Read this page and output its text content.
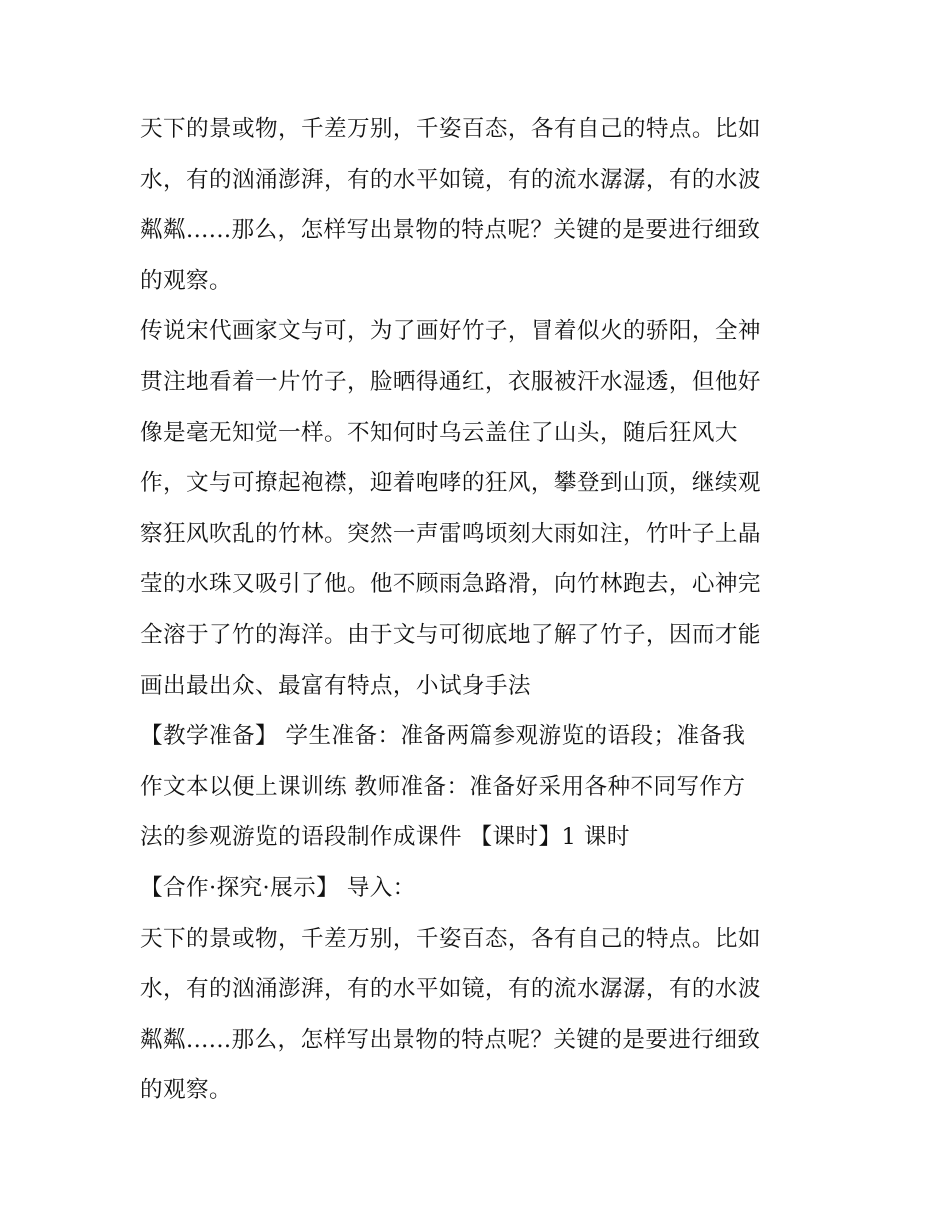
天下的景或物，千差万别，千姿百态，各有自己的特点。比如
水，有的汹涌澎湃，有的水平如镜，有的流水潺潺，有的水波
粼粼......那么，怎样写出景物的特点呢？关键的是要进行细致
的观察。

传说宋代画家文与可，为了画好竹子，冒着似火的骄阳，全神
贯注地看着一片竹子，脸晒得通红，衣服被汗水湿透，但他好
像是毫无知觉一样。不知何时乌云盖住了山头，随后狂风大
作，文与可撩起袍襟，迎着咆哮的狂风，攀登到山顶，继续观
察狂风吹乱的竹林。突然一声雷鸣顷刻大雨如注，竹叶子上晶
莹的水珠又吸引了他。他不顾雨急路滑，向竹林跑去，心神完
全溶于了竹的海洋。由于文与可彻底地了解了竹子，因而才能
画出最出众、最富有特点，小试身手法

【教学准备】 学生准备：准备两篇参观游览的语段；准备我
作文本以便上课训练 教师准备：准备好采用各种不同写作方
法的参观游览的语段制作成课件 【课时】1 课时

【合作·探究·展示】 导入：

天下的景或物，千差万别，千姿百态，各有自己的特点。比如
水，有的汹涌澎湃，有的水平如镜，有的流水潺潺，有的水波
粼粼......那么，怎样写出景物的特点呢？关键的是要进行细致
的观察。
